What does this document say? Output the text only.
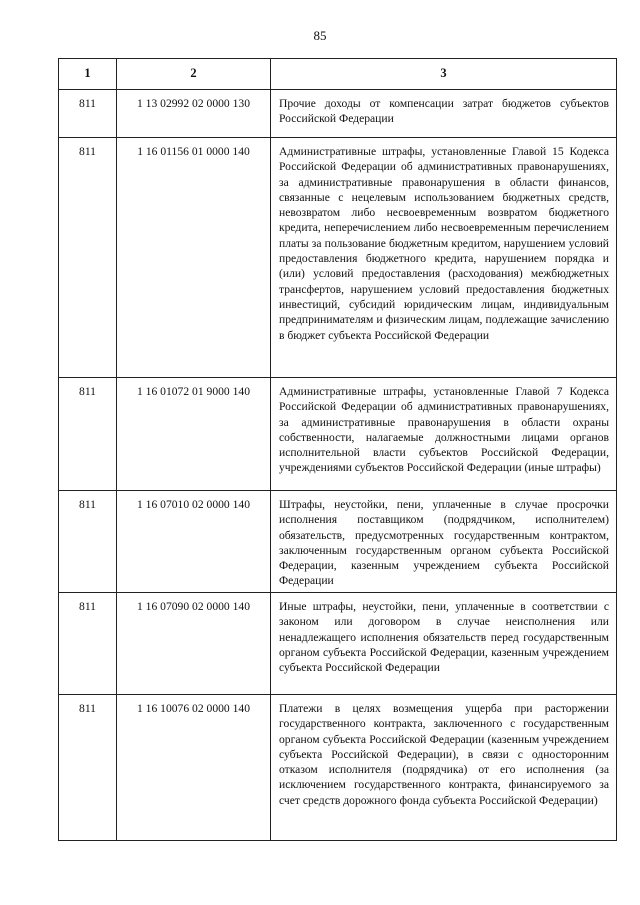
85
1	2	3
811	1 13 02992 02 0000 130	Прочие доходы от компенсации затрат бюджетов субъектов Российской Федерации
811	1 16 01156 01 0000 140	Административные штрафы, установленные Главой 15 Кодекса Российской Федерации об административных правонарушениях, за административные правонарушения в области финансов, связанные с нецелевым использованием бюджетных средств, невозвратом либо несвоевременным возвратом бюджетного кредита, неперечислением либо несвоевременным перечислением платы за пользование бюджетным кредитом, нарушением условий предоставления бюджетного кредита, нарушением порядка и (или) условий предоставления (расходования) межбюджетных трансфертов, нарушением условий предоставления бюджетных инвестиций, субсидий юридическим лицам, индивидуальным предпринимателям и физическим лицам, подлежащие зачислению в бюджет субъекта Российской Федерации
811	1 16 01072 01 9000 140	Административные штрафы, установленные Главой 7 Кодекса Российской Федерации об административных правонарушениях, за административные правонарушения в области охраны собственности, налагаемые должностными лицами органов исполнительной власти субъектов Российской Федерации, учреждениями субъектов Российской Федерации (иные штрафы)
811	1 16 07010 02 0000 140	Штрафы, неустойки, пени, уплаченные в случае просрочки исполнения поставщиком (подрядчиком, исполнителем) обязательств, предусмотренных государственным контрактом, заключенным государственным органом субъекта Российской Федерации, казенным учреждением субъекта Российской Федерации
811	1 16 07090 02 0000 140	Иные штрафы, неустойки, пени, уплаченные в соответствии с законом или договором в случае неисполнения или ненадлежащего исполнения обязательств перед государственным органом субъекта Российской Федерации, казенным учреждением субъекта Российской Федерации
811	1 16 10076 02 0000 140	Платежи в целях возмещения ущерба при расторжении государственного контракта, заключенного с государственным органом субъекта Российской Федерации (казенным учреждением субъекта Российской Федерации), в связи с односторонним отказом исполнителя (подрядчика) от его исполнения (за исключением государственного контракта, финансируемого за счет средств дорожного фонда субъекта Российской Федерации)
